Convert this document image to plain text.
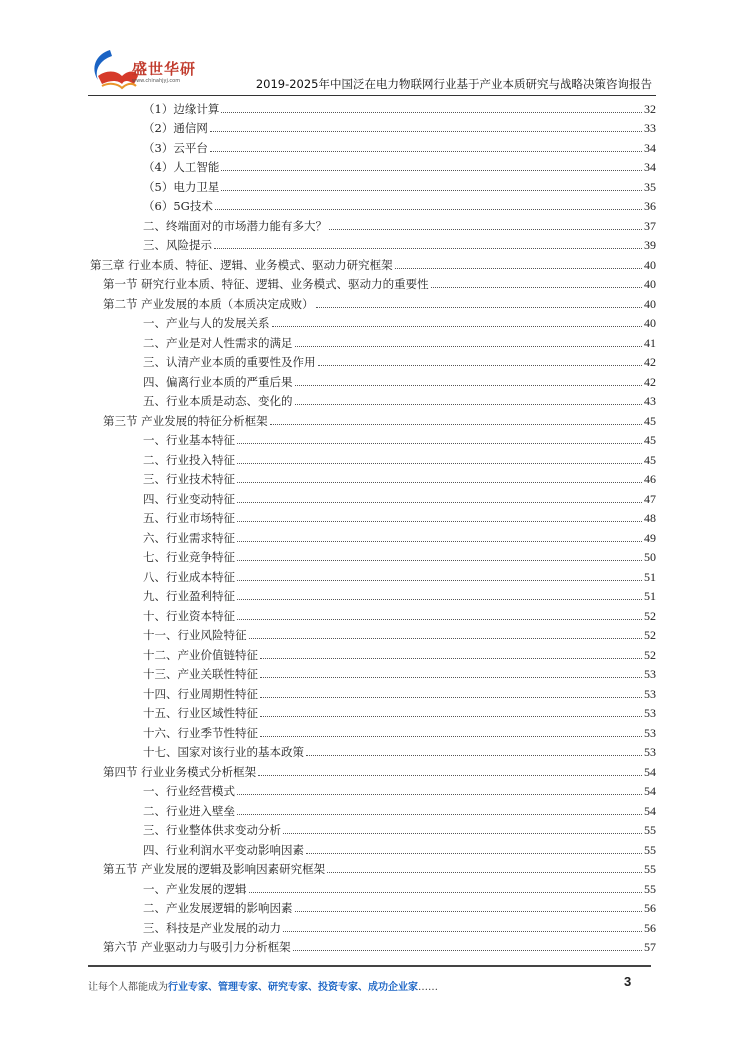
盛世华研
www.chinahjyj.com	2019-2025年中国泛在电力物联网行业基于产业本质研究与战略决策咨询报告
（1）边缘计算	32
（2）通信网	33
（3）云平台	34
（4）人工智能	34
（5）电力卫星	35
（6）5G技术	36
二、终端面对的市场潜力能有多大？	37
三、风险提示	39
第三章 行业本质、特征、逻辑、业务模式、驱动力研究框架	40
第一节 研究行业本质、特征、逻辑、业务模式、驱动力的重要性	40
第二节 产业发展的本质（本质决定成败）	40
一、产业与人的发展关系	40
二、产业是对人性需求的满足	41
三、认清产业本质的重要性及作用	42
四、偏离行业本质的严重后果	42
五、行业本质是动态、变化的	43
第三节 产业发展的特征分析框架	45
一、行业基本特征	45
二、行业投入特征	45
三、行业技术特征	46
四、行业变动特征	47
五、行业市场特征	48
六、行业需求特征	49
七、行业竞争特征	50
八、行业成本特征	51
九、行业盈利特征	51
十、行业资本特征	52
十一、行业风险特征	52
十二、产业价值链特征	52
十三、产业关联性特征	53
十四、行业周期性特征	53
十五、行业区域性特征	53
十六、行业季节性特征	53
十七、国家对该行业的基本政策	53
第四节 行业业务模式分析框架	54
一、行业经营模式	54
二、行业进入壁垒	54
三、行业整体供求变动分析	55
四、行业利润水平变动影响因素	55
第五节 产业发展的逻辑及影响因素研究框架	55
一、产业发展的逻辑	55
二、产业发展逻辑的影响因素	56
三、科技是产业发展的动力	56
第六节 产业驱动力与吸引力分析框架	57
让每个人都能成为行业专家、管理专家、研究专家、投资专家、成功企业家……	3
